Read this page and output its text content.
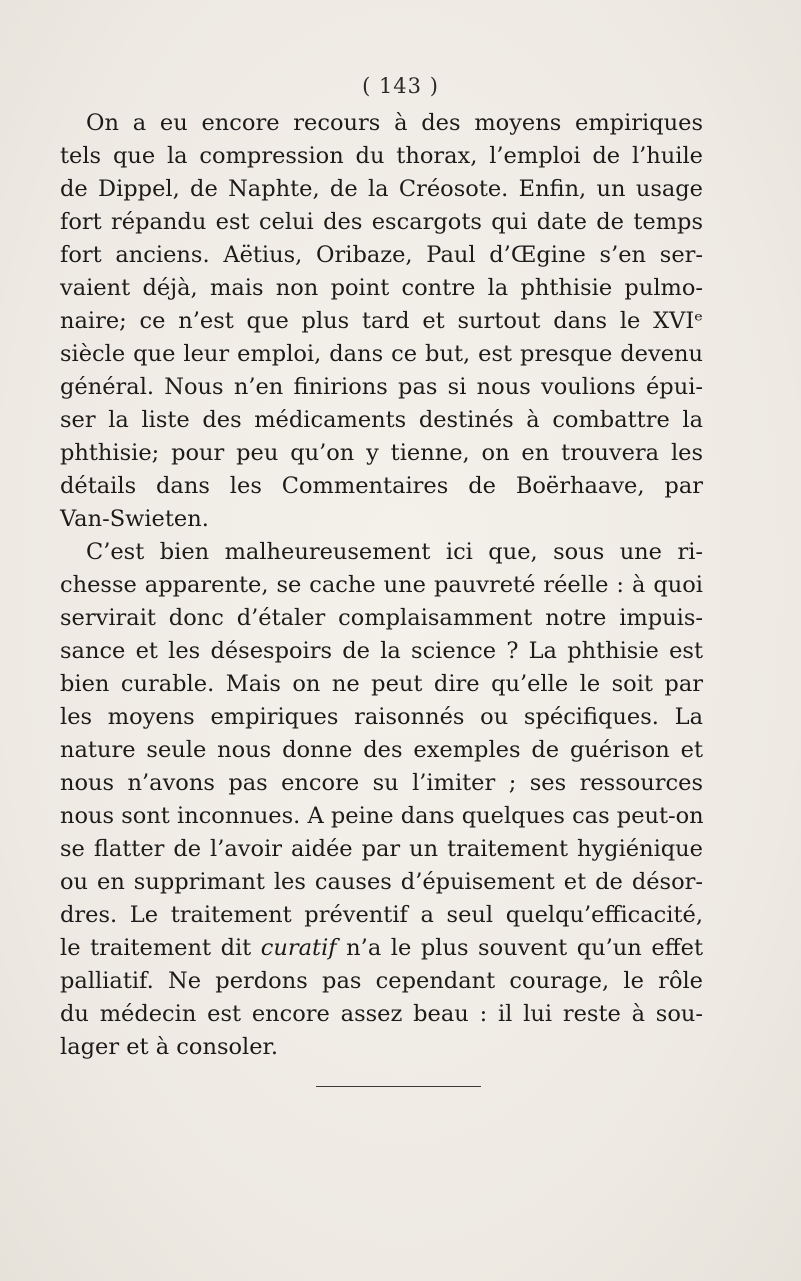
( 143 )
On a eu encore recours à des moyens empiriques
tels que la compression du thorax, l’emploi de l’huile
de Dippel, de Naphte, de la Créosote. Enfin, un usage
fort répandu est celui des escargots qui date de temps
fort anciens. Aëtius, Oribaze, Paul d’Œgine s’en ser-
vaient déjà, mais non point contre la phthisie pulmo-
naire; ce n’est que plus tard et surtout dans le XVIᵉ
siècle que leur emploi, dans ce but, est presque devenu
général. Nous n’en finirions pas si nous voulions épui-
ser la liste des médicaments destinés à combattre la
phthisie; pour peu qu’on y tienne, on en trouvera les
détails dans les Commentaires de Boërhaave, par
Van-Swieten.
C’est bien malheureusement ici que, sous une ri-
chesse apparente, se cache une pauvreté réelle : à quoi
servirait donc d’étaler complaisamment notre impuis-
sance et les désespoirs de la science ? La phthisie est
bien curable. Mais on ne peut dire qu’elle le soit par
les moyens empiriques raisonnés ou spécifiques. La
nature seule nous donne des exemples de guérison et
nous n’avons pas encore su l’imiter ; ses ressources
nous sont inconnues. A peine dans quelques cas peut-on
se flatter de l’avoir aidée par un traitement hygiénique
ou en supprimant les causes d’épuisement et de désor-
dres. Le traitement préventif a seul quelqu’efficacité,
le traitement dit curatif n’a le plus souvent qu’un effet
palliatif. Ne perdons pas cependant courage, le rôle
du médecin est encore assez beau : il lui reste à sou-
lager et à consoler.
